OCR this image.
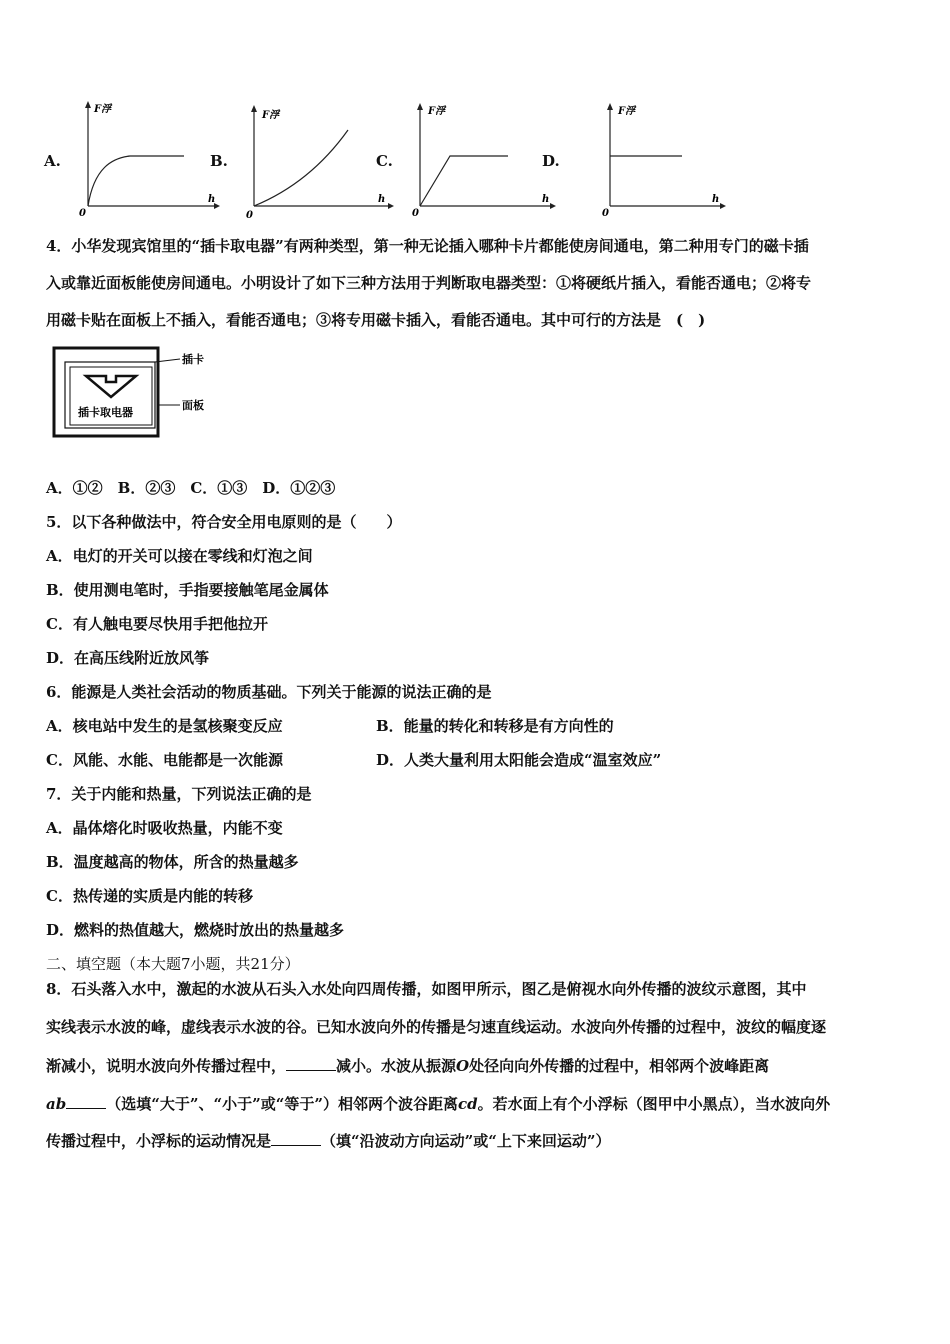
A.
F浮
h
0
B.
F浮
h
0
C.
F浮
h
0
D.
F浮
h
0
4．小华发现宾馆里的“插卡取电器”有两种类型，第一种无论插入哪种卡片都能使房间通电，第二种用专门的磁卡插
入或靠近面板能使房间通电。小明设计了如下三种方法用于判断取电器类型：①将硬纸片插入，看能否通电；②将专
用磁卡贴在面板上不插入，看能否通电；③将专用磁卡插入，看能否通电。其中可行的方法是　(　)
插卡取电器
插卡
面板
A．①②　B．②③　C．①③　D．①②③
5．以下各种做法中，符合安全用电原则的是（　　）
A．电灯的开关可以接在零线和灯泡之间
B．使用测电笔时，手指要接触笔尾金属体
C．有人触电要尽快用手把他拉开
D．在高压线附近放风筝
6．能源是人类社会活动的物质基础。下列关于能源的说法正确的是
A．核电站中发生的是氢核聚变反应	B．能量的转化和转移是有方向性的
C．风能、水能、电能都是一次能源	D．人类大量利用太阳能会造成“温室效应”
7．关于内能和热量，下列说法正确的是
A．晶体熔化时吸收热量，内能不变
B．温度越高的物体，所含的热量越多
C．热传递的实质是内能的转移
D．燃料的热值越大，燃烧时放出的热量越多
二、填空题（本大题7小题，共21分）
8．石头落入水中，激起的水波从石头入水处向四周传播，如图甲所示，图乙是俯视水向外传播的波纹示意图，其中
实线表示水波的峰，虚线表示水波的谷。已知水波向外的传播是匀速直线运动。水波向外传播的过程中，波纹的幅度逐
渐减小，说明水波向外传播过程中，	减小。水波从振源O处径向向外传播的过程中，相邻两个波峰距离
ab	（选填“大于”、“小于”或“等于”）相邻两个波谷距离cd。若水面上有个小浮标（图甲中小黑点），当水波向外
传播过程中，小浮标的运动情况是	（填“沿波动方向运动”或“上下来回运动”）
